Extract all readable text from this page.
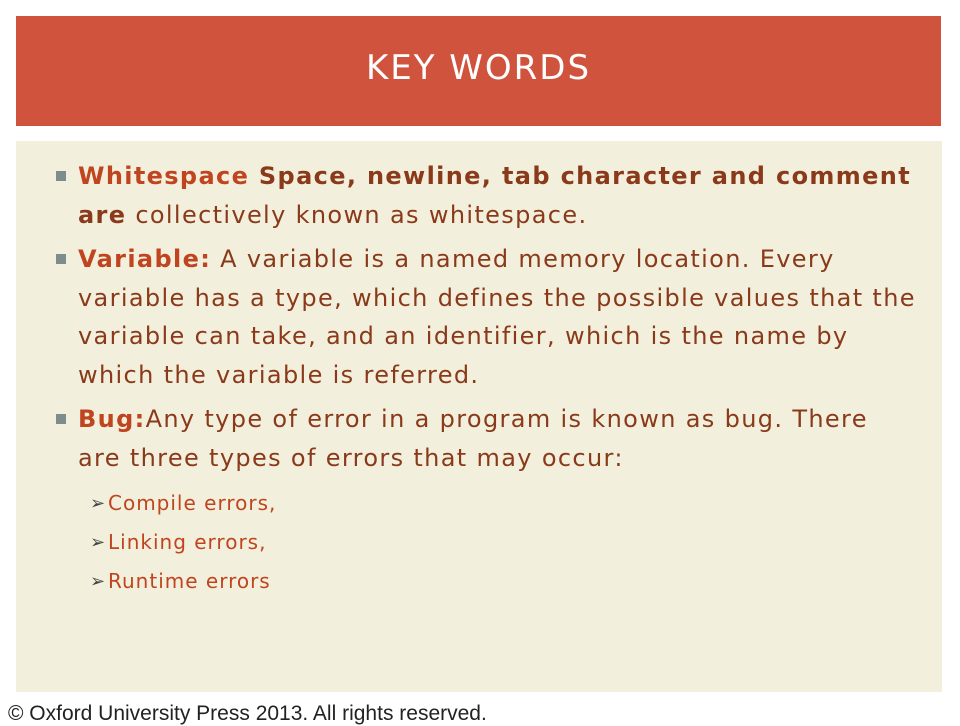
KEY WORDS
Whitespace Space, newline, tab character and comment are collectively known as whitespace.
Variable: A variable is a named memory location. Every variable has a type, which defines the possible values that the variable can take, and an identifier, which is the name by which the variable is referred.
Bug:Any type of error in a program is known as bug. There are three types of errors that may occur:
➢ Compile errors,
➢ Linking errors,
➢ Runtime errors
© Oxford University Press 2013. All rights reserved.
